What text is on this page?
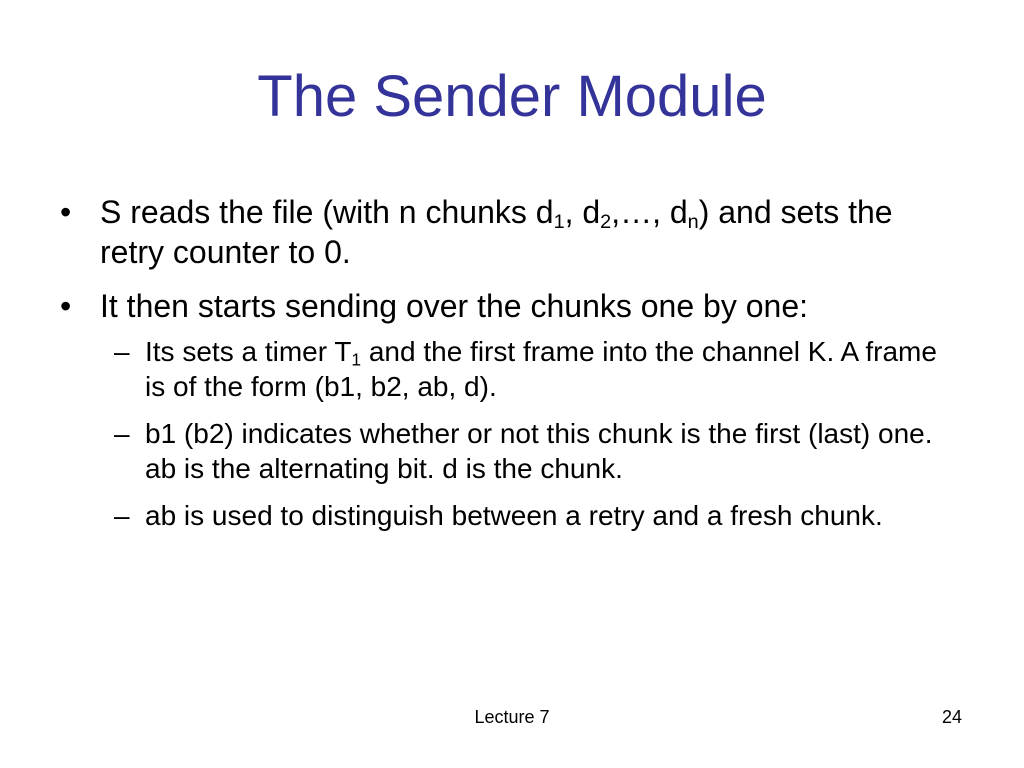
The Sender Module
• S reads the file (with n chunks $d_1$, $d_2,\dots$, $d_n$) and sets the retry counter to 0.
• It then starts sending over the chunks one by one:
– Its sets a timer $T_1$ and the first frame into the channel K. A frame is of the form (b1, b2, ab, d).
– b1 (b2) indicates whether or not this chunk is the first (last) one. ab is the alternating bit. d is the chunk.
– ab is used to distinguish between a retry and a fresh chunk.
Lecture 7	24
